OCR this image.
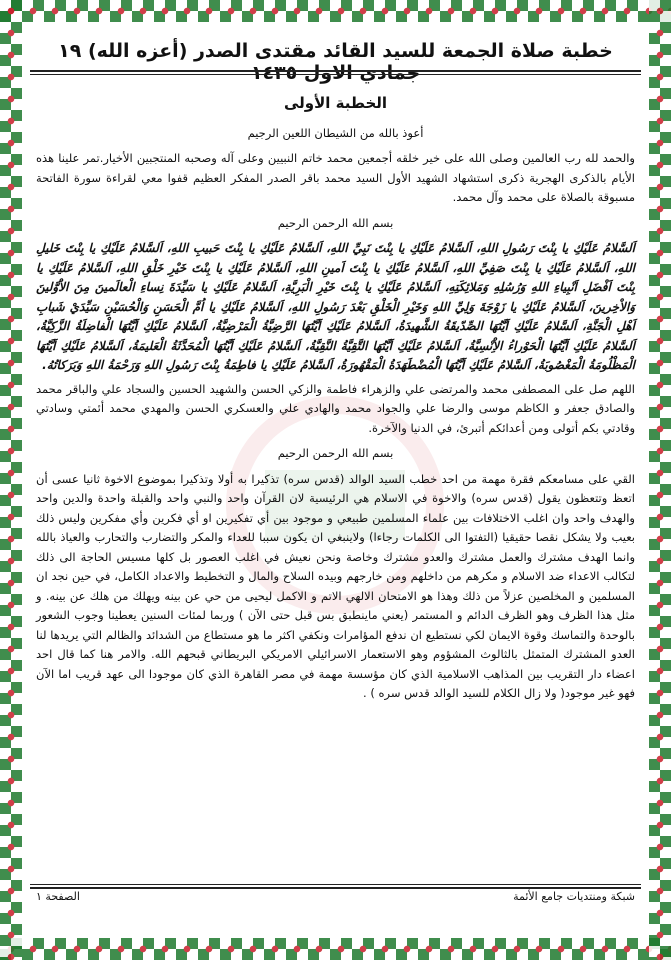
خطبة صلاة الجمعة للسيد القائد مقتدى الصدر (أعزه الله) ١٩ جمادي الاول ١٤٣٥
الخطبة الأولى
أعوذ بالله من الشيطان اللعين الرجيم

والحمد لله رب العالمين وصلى الله على خير خلقه أجمعين محمد خاتم النبيين وعلى آله وصحبه المنتجبين الأخيار.تمر علينا هذه الأيام بالذكرى الهجرية ذكرى استشهاد الشهيد الأول السيد محمد باقر الصدر المفكر العظيم قفوا معي لقراءة سورة الفاتحة مسبوقة بالصلاة على محمد وآل محمد.

بسم الله الرحمن الرحيم

اَلسَّلامُ عَلَيْكِ يا بِنْتَ رَسُولِ اللهِ، اَلسَّلامُ عَلَيْكِ يا بِنْتَ نَبِيِّ اللهِ، اَلسَّلامُ عَلَيْكِ يا بِنْتَ حَبيبِ اللهِ، اَلسَّلامُ عَلَيْكِ يا بِنْتَ خَليلِ اللهِ، اَلسَّلامُ عَلَيْكِ يا بِنْتَ صَفِيِّ اللهِ، اَلسَّلامُ عَلَيْكِ يا بِنْتَ اَمينِ اللهِ، اَلسَّلامُ عَلَيْكِ يا بِنْتَ خَيْرِ خَلْقِ اللهِ، اَلسَّلامُ عَلَيْكِ يا بِنْتَ اَفْضَلِ اَنْبِياءِ اللهِ وَرُسُلِهِ وَمَلائِكَتِهِ، اَلسَّلامُ عَلَيْكِ يا بِنْتَ خَيْرِ الْبَرِيَّةِ، اَلسَّلامُ عَلَيْكِ يا سَيِّدَةَ نِساءِ الْعالَمينَ مِنَ الاَْوَّلينَ وَالاْخِرينَ، اَلسَّلامُ عَلَيْكِ يا زَوْجَةَ وَلِيِّ اللهِ وَخَيْرِ الْخَلْقِ بَعْدَ رَسُولِ اللهِ، اَلسَّلامُ عَلَيْكِ يا اُمَّ الْحَسَنِ وَالْحُسَيْنِ سَيِّدَيْ شَبابِ اَهْلِ الْجَنَّةِ، اَلسَّلامُ عَلَيْكِ اَيَّتُهَا الصِّدّيقَةُ الشَّهيدَةُ، اَلسَّلامُ عَلَيْكِ اَيَّتُهَا الرَّضِيَّةُ الْمَرْضِيَّةُ، اَلسَّلامُ عَلَيْكِ اَيَّتُهَا الْفاضِلَةُ الزَّكِيَّةُ، اَلسَّلامُ عَلَيْكِ اَيَّتُهَا الْحَوْراءُ الاِْنْسِيَّةُ، اَلسَّلامُ عَلَيْكِ اَيَّتُهَا التَّقِيَّةُ النَّقِيَّةُ، اَلسَّلامُ عَلَيْكِ اَيَّتُهَا الْمُحَدَّثَةُ الْعَليمَةُ، اَلسَّلامُ عَلَيْكِ اَيَّتُهَا الْمَظْلُومَةُ الْمَغْصُوبَةُ، اَلسَّلامُ عَلَيْكِ اَيَّتُهَا الْمُضْطَهَدَةُ الْمَقْهُورَةُ، اَلسَّلامُ عَلَيْكِ يا فاطِمَةُ بِنْتَ رَسُولِ اللهِ وَرَحْمَةُ اللهِ وَبَرَكاتُهُ.

اللهم صل على المصطفى محمد والمرتضى علي والزهراء فاطمة والزكي الحسن والشهيد الحسين والسجاد علي والباقر محمد والصادق جعفر و الكاظم موسى والرضا علي والجواد محمد والهادي علي والعسكري الحسن والمهدي محمد أئمتي وسادتي وقادتي بكم أتولى ومن أعدائكم أتبرئ، في الدنيا والآخرة.

بسم الله الرحمن الرحيم

القي على مسامعكم فقرة مهمة من احد خطب السيد الوالد (قدس سره) تذكيرا به أولا وتذكيرا بموضوع الاخوة ثانيا عسى أن اتعظ وتتعظون يقول (قدس سره) والاخوة في الاسلام هي الرئيسية لان القرآن واحد والنبي واحد والقبلة واحدة والدين واحد والهدف واحد وان اغلب الاختلافات بين علماء المسلمين طبيعي و موجود بين أي تفكيرين او أي فكرين وأي مفكرين وليس ذلك بعيب ولا يشكل نقصا حقيقيا (التفتوا الى الكلمات رجاءا) ولاينبغي ان يكون سببا للعداء والمكر والتضارب والتحارب والعياذ بالله وانما الهدف مشترك والعمل مشترك والعدو مشترك وخاصة ونحن نعيش في اغلب العصور بل كلها مسيس الحاجة الى ذلك لتكالب الاعداء ضد الاسلام و مكرهم من داخلهم ومن خارجهم وبيده السلاح والمال و التخطيط والاعداد الكامل، في حين نجد ان المسلمين و المخلصين عزلاً من ذلك وهذا هو الامتحان الالهي الاتم و الاكمل ليحيى من حي عن بينه ويهلك من هلك عن بينه. و مثل هذا الظرف وهو الظرف الدائم و المستمر (يعني ماينطبق بس قبل حتى الآن ) وربما لمئات السنين يعطينا وجوب الشعور بالوحدة والتماسك وقوة الايمان لكي نستطيع ان ندفع المؤامرات ونكفي اكثر ما هو مستطاع من الشدائد والظالم التي يريدها لنا العدو المشترك المتمثل بالثالوث المشؤوم وهو الاستعمار الاسرائيلي الامريكي البريطاني قبحهم الله. والامر هنا كما قال احد اعضاء دار التقريب بين المذاهب الاسلامية الذي كان مؤسسة مهمة في مصر القاهرة الذي كان موجودا الى عهد قريب اما الآن فهو غير موجود( ولا زال الكلام للسيد الوالد قدس سره ) .

شبكة ومنتديات جامع الأئمة
الصفحة ١
